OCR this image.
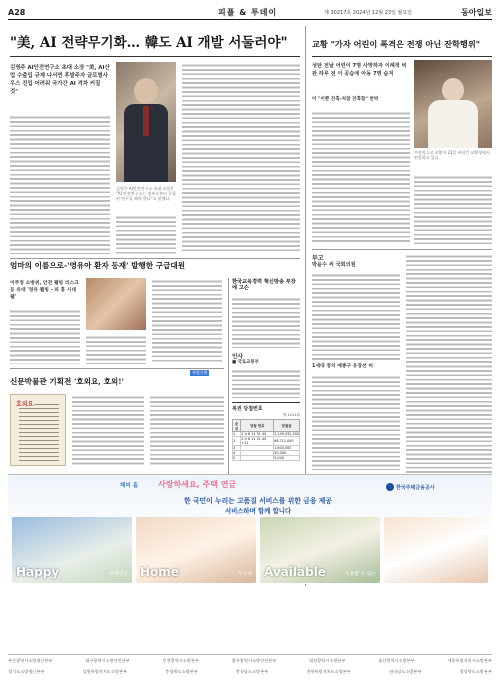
A28	피플 & 투데이	제 30217호 2024년 12월 23일 월요일	동아일보
"美, AI 전략무기화… 韓도 AI 개발 서둘러야"
김명주 AI안전연구소 초대 소장 "美, AI산업 수출입 규제 나서면 후발주자 글로벌사우스 진입 어려워 국가간 AI 격차 커질 것"
김명주 AI안전연구소 초대 소장은 "AI 안전연구소는 정부로부터 독립된 연구를 해야 한다"고 말했다.
교황 "가자 어린이 폭격은 전쟁 아닌 잔학행위"
성탄 전날 어린이 7명 사망하자 이례적 비판 하루 전 이 공습에 아동 7명 숨져
이 "이뿐 잔혹-처참 잔혹함" 반박
프란치스코 교황이 21일 바티칸 교황청에서 연설하고 있다.
부고
박윤수 씨 국회의원
1세대 정치 예종구 유장선 씨
엄마의 이름으로-'영유아 환자 등재' 발행한 구급대원
이주정 소방위, 안전 웰빙 리스크 등 유대 '영유 웰빙 - 피 홍 시대 웰'
한국교육경력 혁신방송 부장에 고슨
인사
■ 국토교통부
복권 당첨번호
제 1151회
순위	당첨 번호	당첨금
1	2 4 6 11 31 44	2,140,432,500
2	2 4 6 11 31 44 +21	68,711,050
3		1,603,000
4		50,000
5		5,000
특별기획
신문박물관 기획전 '호외요, 호외!'
호외요
해피 홈 사랑하세요, 주택 연금	한국주택금융공사
한 국민이 누리는 고품질 서비스를 위한 금융 제공
서비스하며 함께 합니다
Happy	주택연금 Home	누구나 Available	이용할 수 있는
부산광역시소방재난본부	대구광역시소방안전본부	인천광역시소방본부	광주광역시소방안전본부	대전광역시소방본부	울산광역시소방본부	세종특별자치시소방본부
경기도소방재난본부	강원특별자치도소방본부	충청북도소방본부	충청남도소방본부	전북특별자치도소방본부	전라남도소방본부	경상북도소방본부
